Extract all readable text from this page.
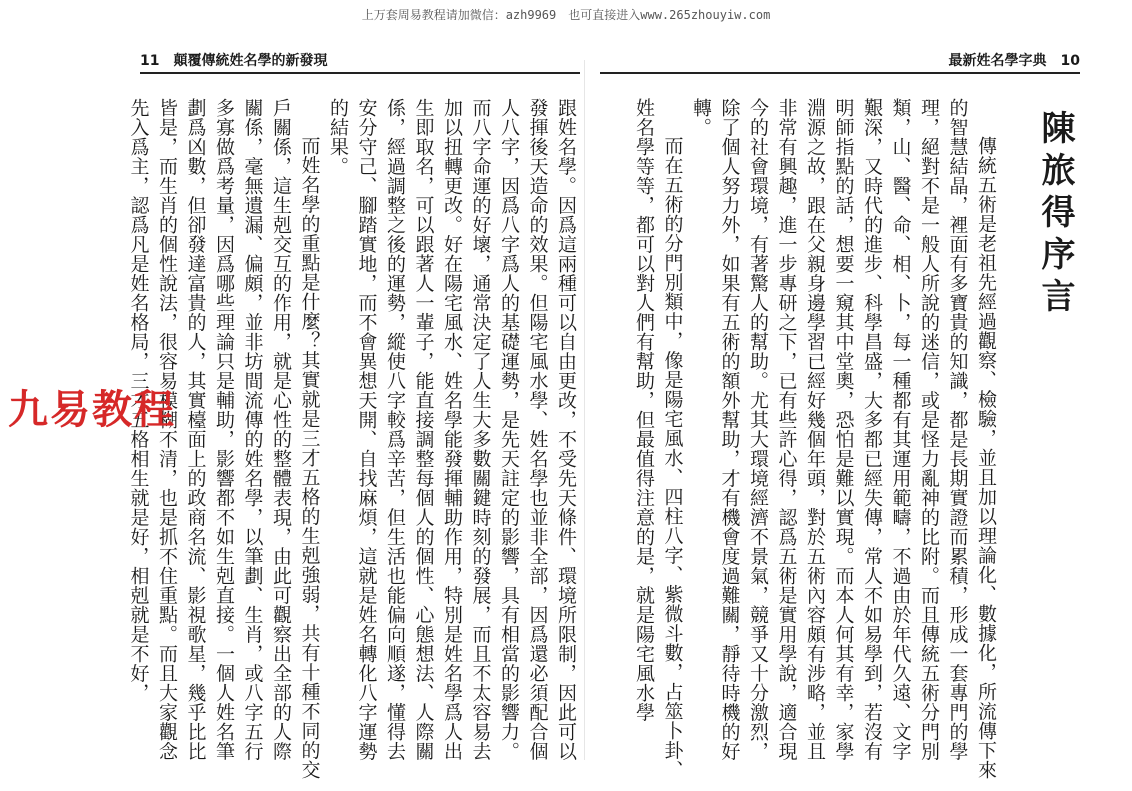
上万套周易教程请加微信：azh9969　也可直接进入www.265zhouyiw.com
11　顛覆傳統姓名學的新發現

跟姓名學。因爲這兩種可以自由更改，不受先天條件、環境所限制，因此可以發揮後天造命的效果。但陽宅風水學、姓名學也並非全部，因爲還必須配合個人八字，因爲八字爲人的基礎運勢，是先天註定的影響，具有相當的影響力。而八字命運的好壞，通常決定了人生大多數關鍵時刻的發展，而且不太容易去加以扭轉更改。好在陽宅風水、姓名學能發揮輔助作用，特別是姓名學爲人出生即取名，可以跟著人一輩子，能直接調整每個人的個性、心態想法、人際關係，經過調整之後的運勢，縱使八字較爲辛苦，但生活也能偏向順遂，懂得去安分守己、腳踏實地，而不會異想天開、自找麻煩，這就是姓名轉化八字運勢的結果。

而姓名學的重點是什麼？其實就是三才五格的生剋強弱，共有十種不同的交戶關係，這生剋交互的作用，就是心性的整體表現，由此可觀察出全部的人際關係，毫無遺漏、偏頗，並非坊間流傳的姓名學，以筆劃、生肖，或八字五行多寡做爲考量，因爲哪些理論只是輔助，影響都不如生剋直接。一個人姓名筆劃爲凶數，但卻發達富貴的人，其實檯面上的政商名流、影視歌星，幾乎比比皆是，而生肖的個性說法，很容易模糊不清，也是抓不住重點。而且大家觀念先入爲主，認爲凡是姓名格局，三才五格相生就是好，相剋就是不好，

最新姓名學字典　10
陳旅得序言

傳統五術是老祖先經過觀察、檢驗，並且加以理論化、數據化，所流傳下來的智慧結晶，裡面有多寶貴的知識，都是長期實證而累積，形成一套專門的學理，絕對不是一般人所說的迷信，或是怪力亂神的比附。而且傳統五術分門別類，山、醫、命、相、卜，每一種都有其運用範疇，不過由於年代久遠、文字艱深，又時代的進步、科學昌盛，大多都已經失傳，常人不如易學到，若沒有明師指點的話，想要一窺其中堂奧，恐怕是難以實現。而本人何其有幸，家學淵源之故，跟在父親身邊學習已經好幾個年頭，對於五術內容頗有涉略，並且非常有興趣，進一步專研之下，已有些許心得，認爲五術是實用學說，適合現今的社會環境，有著驚人的幫助。尤其大環境經濟不景氣，競爭又十分激烈，除了個人努力外，如果有五術的額外幫助，才有機會度過難關，靜待時機的好轉。

而在五術的分門別類中，像是陽宅風水、四柱八字、紫微斗數，占筮卜卦、姓名學等等，都可以對人們有幫助，但最值得注意的是，就是陽宅風水學

九易教程
